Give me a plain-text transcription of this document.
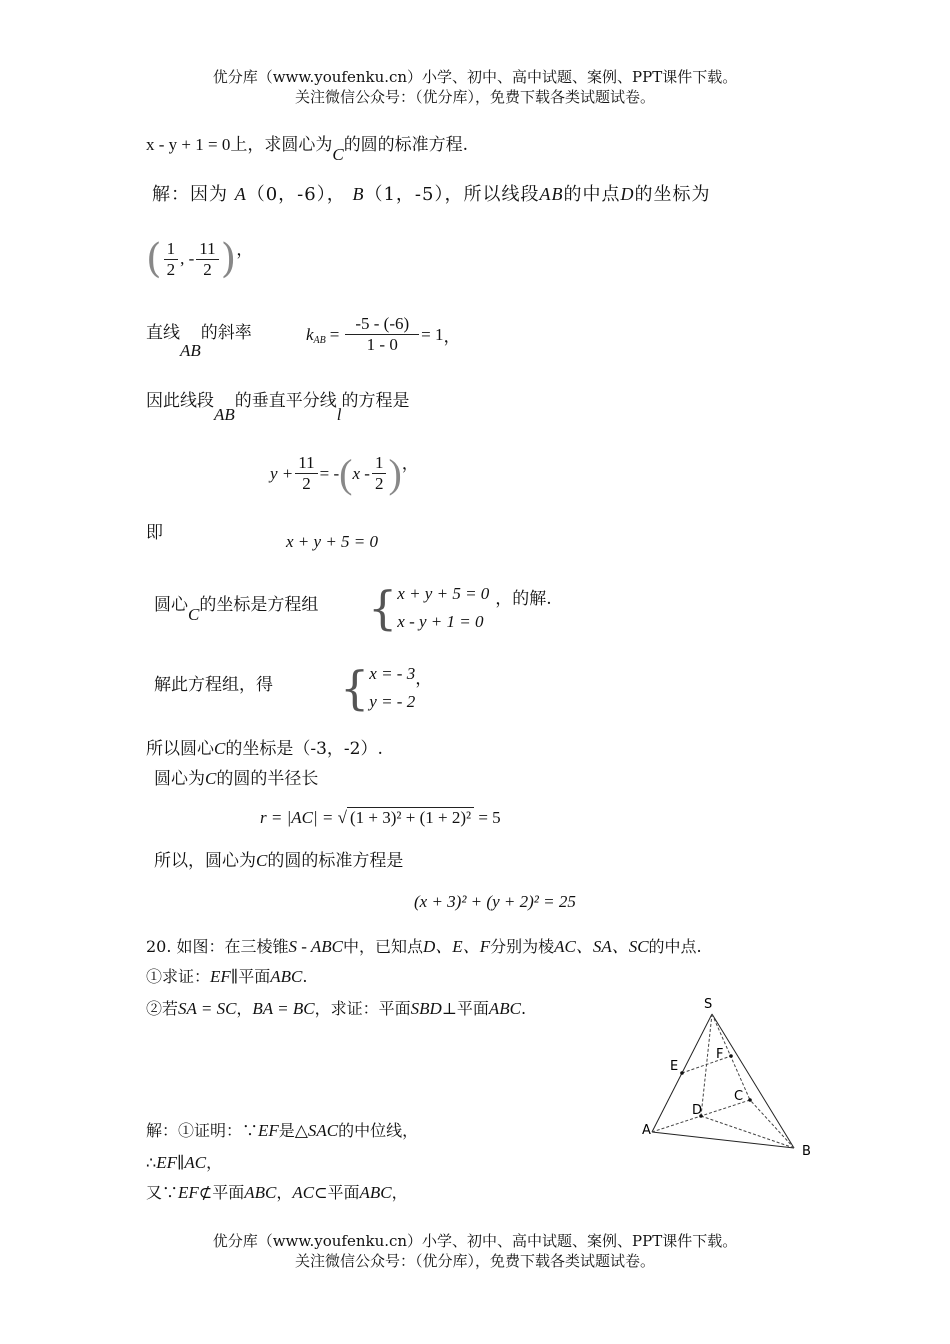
优分库（www.youfenku.cn）小学、初中、高中试题、案例、PPT课件下载。
关注微信公众号：（优分库），免费下载各类试题试卷。
x - y + 1 = 0上，求圆心为C的圆的标准方程.
解：因为 A（0，-6）， B（1，-5），所以线段AB的中点D的坐标为
( $\frac{1}{2}$ , - $\frac{11}{2}$ ) ，
直线AB的斜率	k AB = $\frac{-5 - (-6)}{1 - 0} = 1$ ，
因此线段AB的垂直平分线l的方程是
$y + \frac{11}{2}$ = - ( x - $\frac{1}{2}$ ) ，
即	x + y + 5 = 0
圆心C的坐标是方程组 { x + y + 5 = 0
x - y + 1 = 0
，的解.
解此方程组，得 { x = - 3
y = - 2
，
所以圆心C的坐标是（-3，-2）.
圆心为C的圆的半径长
r = |AC| = √ (1 + 3)² + (1 + 2)² = 5
所以，圆心为C的圆的标准方程是
(x + 3)² + (y + 2)² = 25
20. 如图：在三棱锥S - ABC中，已知点D、E、F分别为棱AC、SA、SC的中点.
①求证：EF∥平面ABC.
②若SA = SC，BA = BC，求证：平面SBD⊥平面ABC.
解：①证明：∵EF是△SAC的中位线，
∴EF∥AC，
又∵EF⊄平面ABC，AC⊂平面ABC，
S
E
F
C
D
A
B
优分库（www.youfenku.cn）小学、初中、高中试题、案例、PPT课件下载。
关注微信公众号：（优分库），免费下载各类试题试卷。
